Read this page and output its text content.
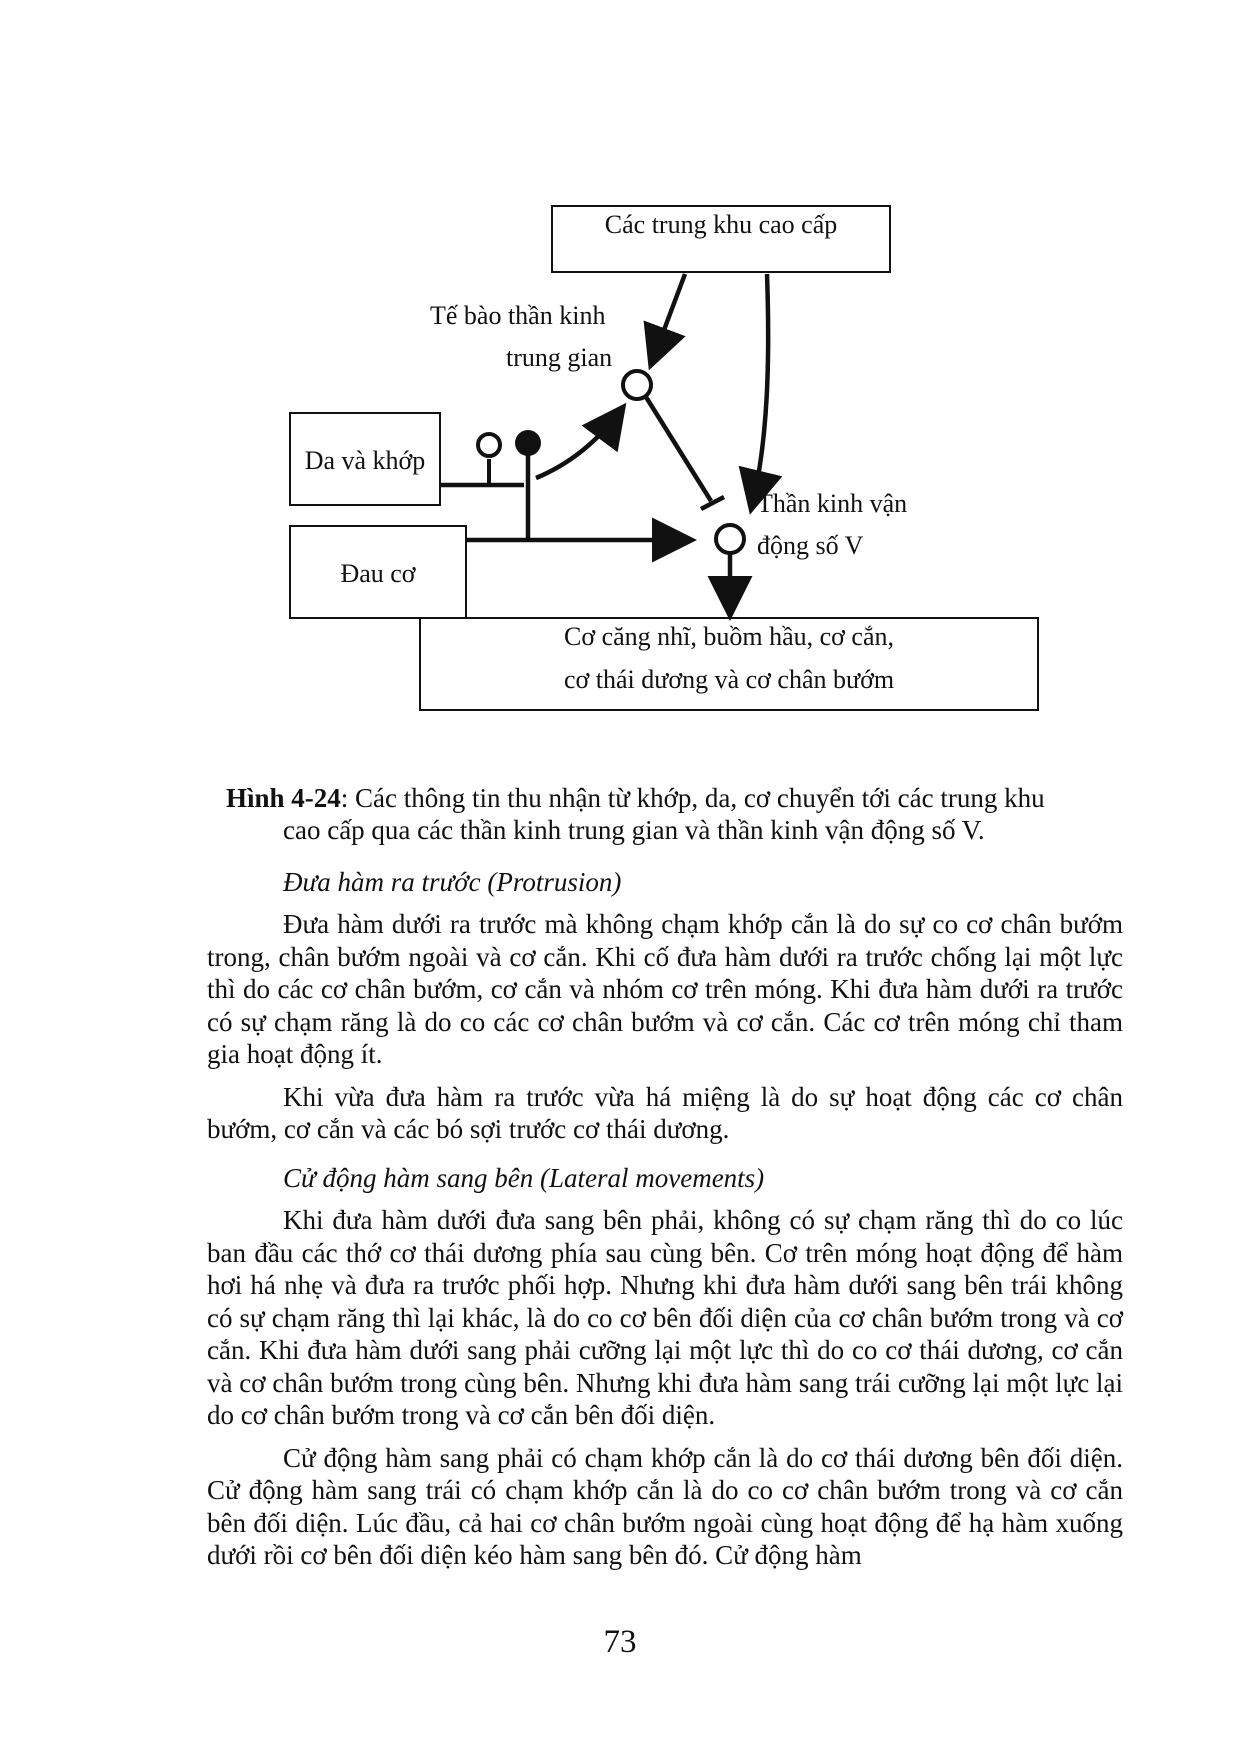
Các trung khu cao cấp
Da và khớp
Đau cơ
Cơ căng nhĩ, buồm hầu, cơ cắn,
cơ thái dương và cơ chân bướm
Tế bào thần kinh
trung gian
Thần kinh vận
động số V
Hình 4-24: Các thông tin thu nhận từ khớp, da, cơ chuyển tới các trung khu
cao cấp qua các thần kinh trung gian và thần kinh vận động số V.
Đưa hàm ra trước (Protrusion)

Đưa hàm dưới ra trước mà không chạm khớp cắn là do sự co cơ chân bướm trong, chân bướm ngoài và cơ cắn. Khi cố đưa hàm dưới ra trước chống lại một lực thì do các cơ chân bướm, cơ cắn và nhóm cơ trên móng. Khi đưa hàm dưới ra trước có sự chạm răng là do co các cơ chân bướm và cơ cắn. Các cơ trên móng chỉ tham gia hoạt động ít.

Khi vừa đưa hàm ra trước vừa há miệng là do sự hoạt động các cơ chân bướm, cơ cắn và các bó sợi trước cơ thái dương.

Cử động hàm sang bên (Lateral movements)

Khi đưa hàm dưới đưa sang bên phải, không có sự chạm răng thì do co lúc ban đầu các thớ cơ thái dương phía sau cùng bên. Cơ trên móng hoạt động để hàm hơi há nhẹ và đưa ra trước phối hợp. Nhưng khi đưa hàm dưới sang bên trái không có sự chạm răng thì lại khác, là do co cơ bên đối diện của cơ chân bướm trong và cơ cắn. Khi đưa hàm dưới sang phải cưỡng lại một lực thì do co cơ thái dương, cơ cắn và cơ chân bướm trong cùng bên. Nhưng khi đưa hàm sang trái cưỡng lại một lực lại do cơ chân bướm trong và cơ cắn bên đối diện.

Cử động hàm sang phải có chạm khớp cắn là do cơ thái dương bên đối diện. Cử động hàm sang trái có chạm khớp cắn là do co cơ chân bướm trong và cơ cắn bên đối diện. Lúc đầu, cả hai cơ chân bướm ngoài cùng hoạt động để hạ hàm xuống dưới rồi cơ bên đối diện kéo hàm sang bên đó. Cử động hàm

73
